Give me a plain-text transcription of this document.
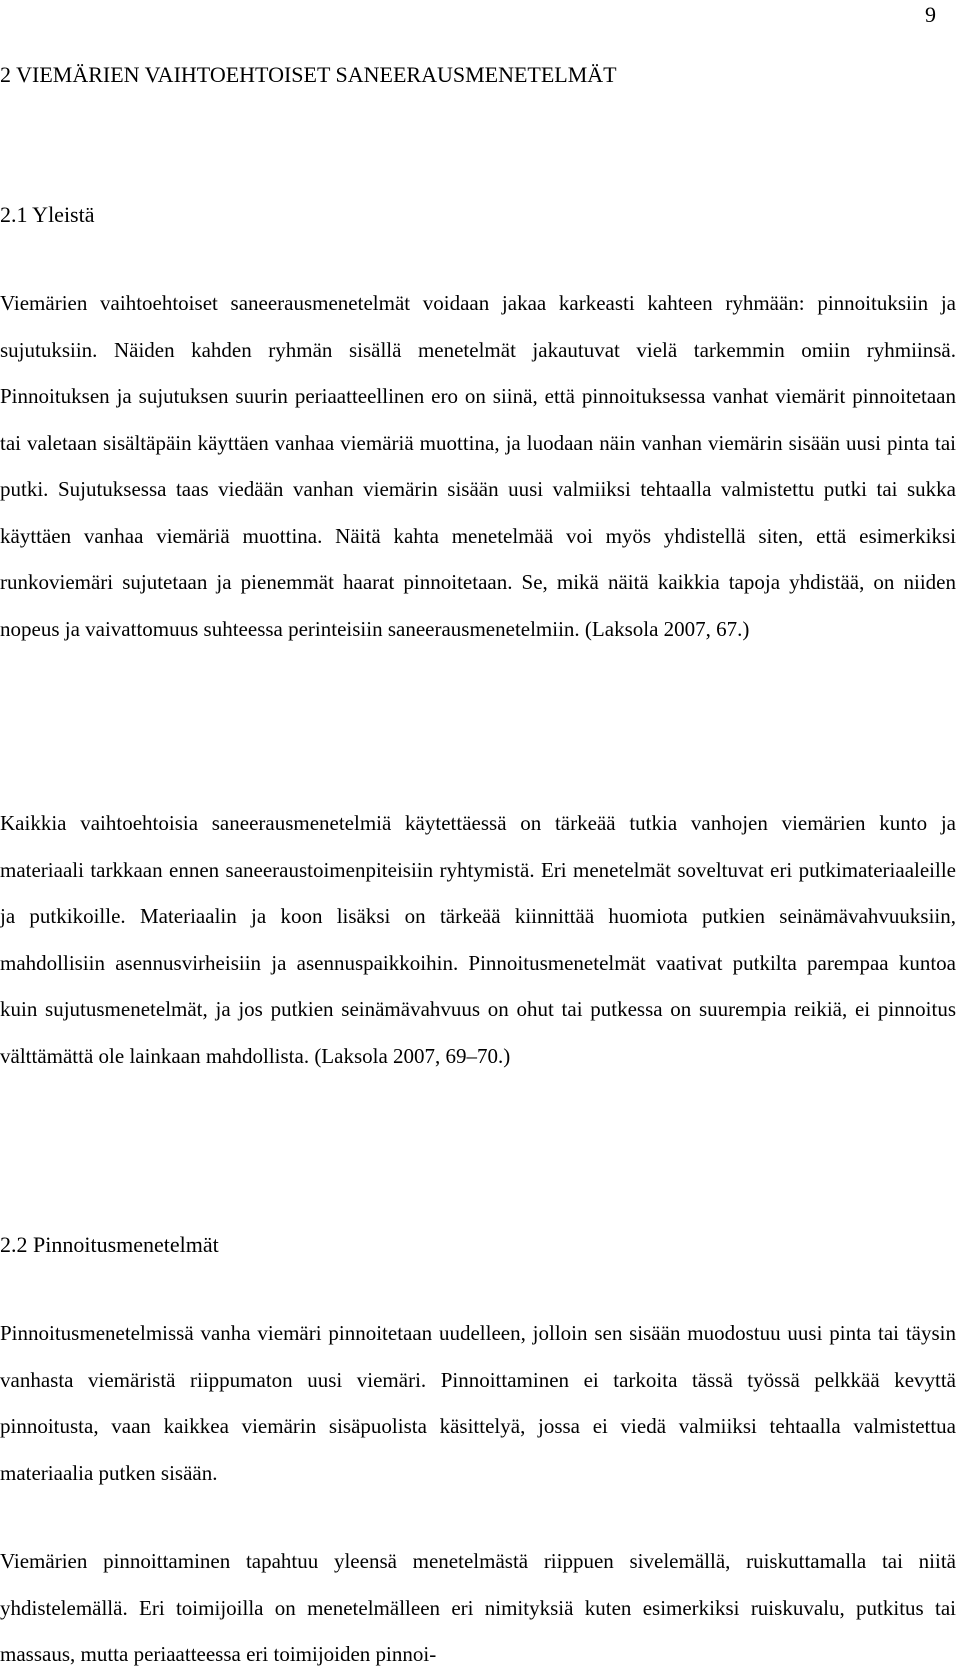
9
2 VIEMÄRIEN VAIHTOEHTOISET SANEERAUSMENETELMÄT
2.1 Yleistä

Viemärien vaihtoehtoiset saneerausmenetelmät voidaan jakaa karkeasti kahteen ryhmään: pinnoituksiin ja sujutuksiin. Näiden kahden ryhmän sisällä menetelmät jakautuvat vielä tarkemmin omiin ryhmiinsä. Pinnoituksen ja sujutuksen suurin periaatteellinen ero on siinä, että pinnoituksessa vanhat viemärit pinnoitetaan tai valetaan sisältäpäin käyttäen vanhaa viemäriä muottina, ja luodaan näin vanhan viemärin sisään uusi pinta tai putki. Sujutuksessa taas viedään vanhan viemärin sisään uusi valmiiksi tehtaalla valmistettu putki tai sukka käyttäen vanhaa viemäriä muottina. Näitä kahta menetelmää voi myös yhdistellä siten, että esimerkiksi runkoviemäri sujutetaan ja pienemmät haarat pinnoitetaan. Se, mikä näitä kaikkia tapoja yhdistää, on niiden nopeus ja vaivattomuus suhteessa perinteisiin saneerausmenetelmiin. (Laksola 2007, 67.)

Kaikkia vaihtoehtoisia saneerausmenetelmiä käytettäessä on tärkeää tutkia vanhojen viemärien kunto ja materiaali tarkkaan ennen saneeraustoimenpiteisiin ryhtymistä. Eri menetelmät soveltuvat eri putkimateriaaleille ja putkikoille. Materiaalin ja koon lisäksi on tärkeää kiinnittää huomiota putkien seinämävahvuuksiin, mahdollisiin asennusvirheisiin ja asennuspaikkoihin. Pinnoitusmenetelmät vaativat putkilta parempaa kuntoa kuin sujutusmenetelmät, ja jos putkien seinämävahvuus on ohut tai putkessa on suurempia reikiä, ei pinnoitus välttämättä ole lainkaan mahdollista. (Laksola 2007, 69–70.)

2.2 Pinnoitusmenetelmät

Pinnoitusmenetelmissä vanha viemäri pinnoitetaan uudelleen, jolloin sen sisään muodostuu uusi pinta tai täysin vanhasta viemäristä riippumaton uusi viemäri. Pinnoittaminen ei tarkoita tässä työssä pelkkää kevyttä pinnoitusta, vaan kaikkea viemärin sisäpuolista käsittelyä, jossa ei viedä valmiiksi tehtaalla valmistettua materiaalia putken sisään.

Viemärien pinnoittaminen tapahtuu yleensä menetelmästä riippuen sivelemällä, ruiskuttamalla tai niitä yhdistelemällä. Eri toimijoilla on menetelmälleen eri nimityksiä kuten esimerkiksi ruiskuvalu, putkitus tai massaus, mutta periaatteessa eri toimijoiden pinnoi-
